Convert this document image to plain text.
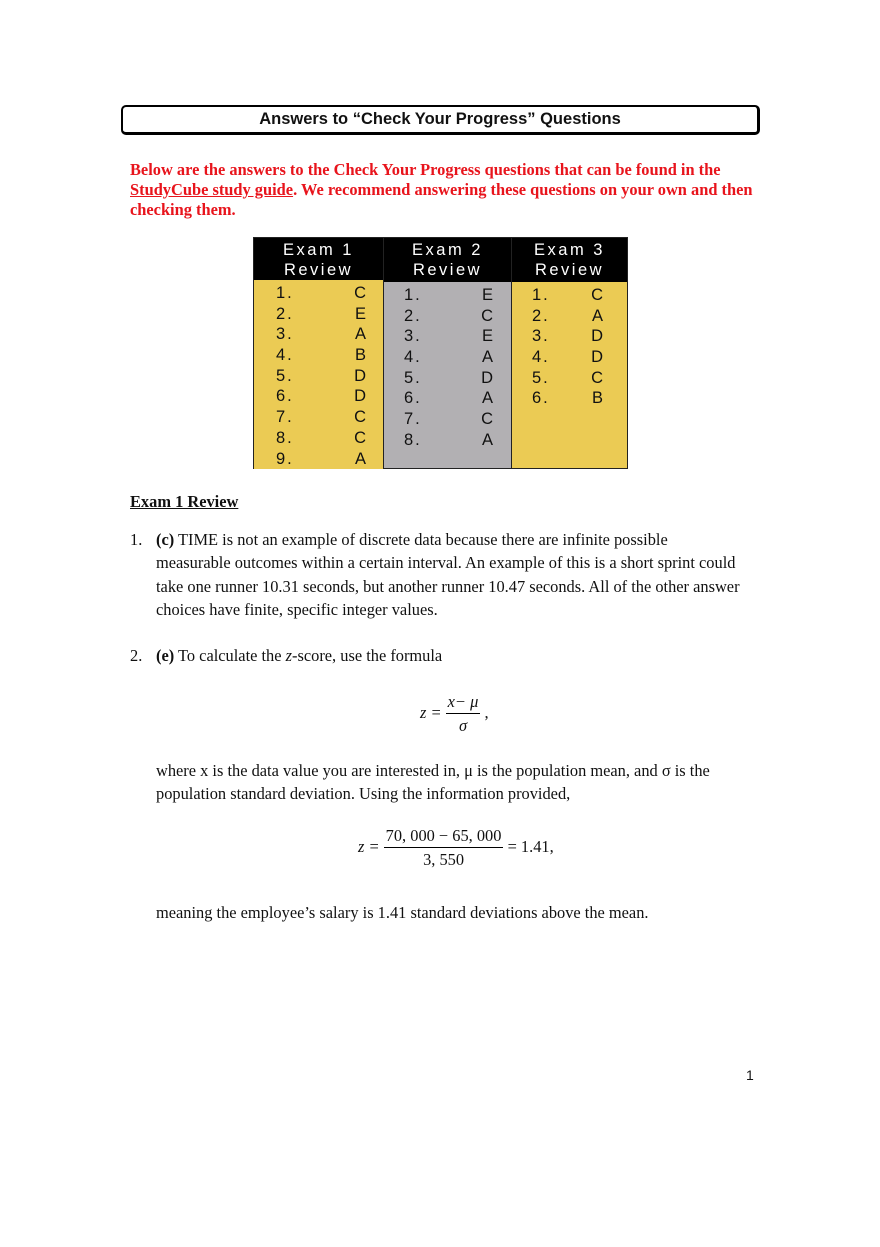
Answers to “Check Your Progress” Questions
Below are the answers to the Check Your Progress questions that can be found in the StudyCube study guide. We recommend answering these questions on your own and then checking them.
Exam 1
Review
1.	C
2.	E
3.	A
4.	B
5.	D
6.	D
7.	C
8.	C
9.	A
Exam 2
Review
1.	E
2.	C
3.	E
4.	A
5.	D
6.	A
7.	C
8.	A
Exam 3
Review
1.	C
2.	A
3.	D
4.	D
5.	C
6.	B
Exam 1 Review
1. (c) TIME is not an example of discrete data because there are infinite possible measurable outcomes within a certain interval. An example of this is a short sprint could take one runner 10.31 seconds, but another runner 10.47 seconds. All of the other answer choices have finite, specific integer values.
2. (e) To calculate the z-score, use the formula
$z = \frac{x- \mu}{\sigma}$ ,
where x is the data value you are interested in, μ is the population mean, and σ is the population standard deviation. Using the information provided,
$z = \frac{70, 000 - 65, 000}{3, 550} = 1.41$,
meaning the employee’s salary is 1.41 standard deviations above the mean.
1
